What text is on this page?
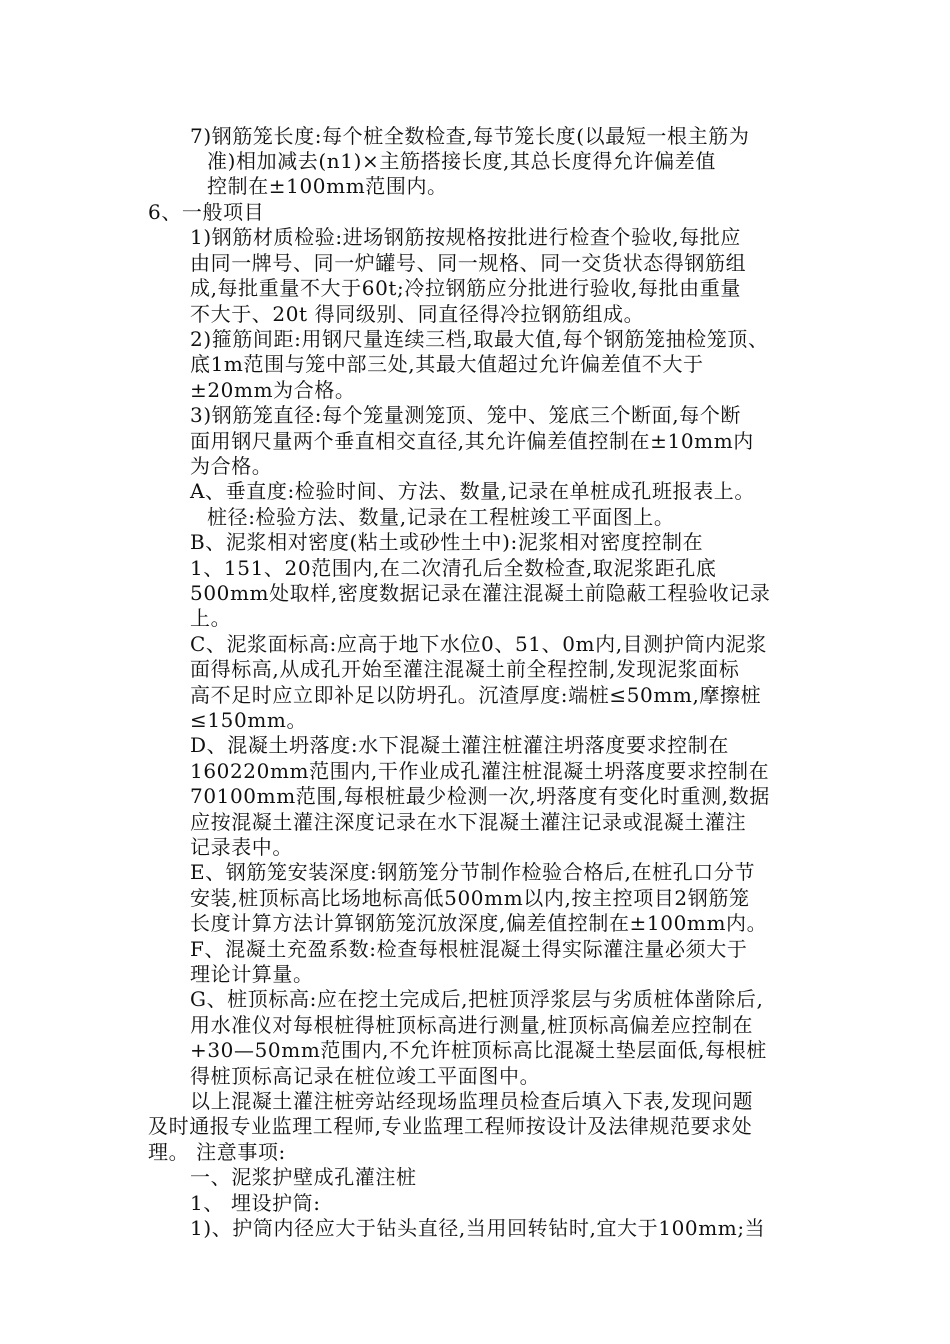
7)钢筋笼长度:每个桩全数检查,每节笼长度(以最短一根主筋为
准)相加减去(n1)×主筋搭接长度,其总长度得允许偏差值
控制在±100mm范围内。
6、一般项目
1)钢筋材质检验:进场钢筋按规格按批进行检查个验收,每批应
由同一牌号、同一炉罐号、同一规格、同一交货状态得钢筋组
成,每批重量不大于60t;冷拉钢筋应分批进行验收,每批由重量
不大于、20t 得同级别、同直径得冷拉钢筋组成。
2)箍筋间距:用钢尺量连续三档,取最大值,每个钢筋笼抽检笼顶、
底1m范围与笼中部三处,其最大值超过允许偏差值不大于
±20mm为合格。
3)钢筋笼直径:每个笼量测笼顶、笼中、笼底三个断面,每个断
面用钢尺量两个垂直相交直径,其允许偏差值控制在±10mm内
为合格。
A、垂直度:检验时间、方法、数量,记录在单桩成孔班报表上。
桩径:检验方法、数量,记录在工程桩竣工平面图上。
B、泥浆相对密度(粘土或砂性土中):泥浆相对密度控制在
1、151、20范围内,在二次清孔后全数检查,取泥浆距孔底
500mm处取样,密度数据记录在灌注混凝土前隐蔽工程验收记录
上。
C、泥浆面标高:应高于地下水位0、51、0m内,目测护筒内泥浆
面得标高,从成孔开始至灌注混凝土前全程控制,发现泥浆面标
高不足时应立即补足以防坍孔。沉渣厚度:端桩≤50mm,摩擦桩
≤150mm。
D、混凝土坍落度:水下混凝土灌注桩灌注坍落度要求控制在
160220mm范围内,干作业成孔灌注桩混凝土坍落度要求控制在
70100mm范围,每根桩最少检测一次,坍落度有变化时重测,数据
应按混凝土灌注深度记录在水下混凝土灌注记录或混凝土灌注
记录表中。
E、钢筋笼安装深度:钢筋笼分节制作检验合格后,在桩孔口分节
安装,桩顶标高比场地标高低500mm以内,按主控项目2钢筋笼
长度计算方法计算钢筋笼沉放深度,偏差值控制在±100mm内。
F、混凝土充盈系数:检查每根桩混凝土得实际灌注量必须大于
理论计算量。
G、桩顶标高:应在挖土完成后,把桩顶浮浆层与劣质桩体凿除后,
用水准仪对每根桩得桩顶标高进行测量,桩顶标高偏差应控制在
+30—50mm范围内,不允许桩顶标高比混凝土垫层面低,每根桩
得桩顶标高记录在桩位竣工平面图中。
以上混凝土灌注桩旁站经现场监理员检查后填入下表,发现问题
及时通报专业监理工程师,专业监理工程师按设计及法律规范要求处
理。 注意事项:
一、泥浆护壁成孔灌注桩
1、 埋设护筒:
1)、护筒内径应大于钻头直径,当用回转钻时,宜大于100mm;当
